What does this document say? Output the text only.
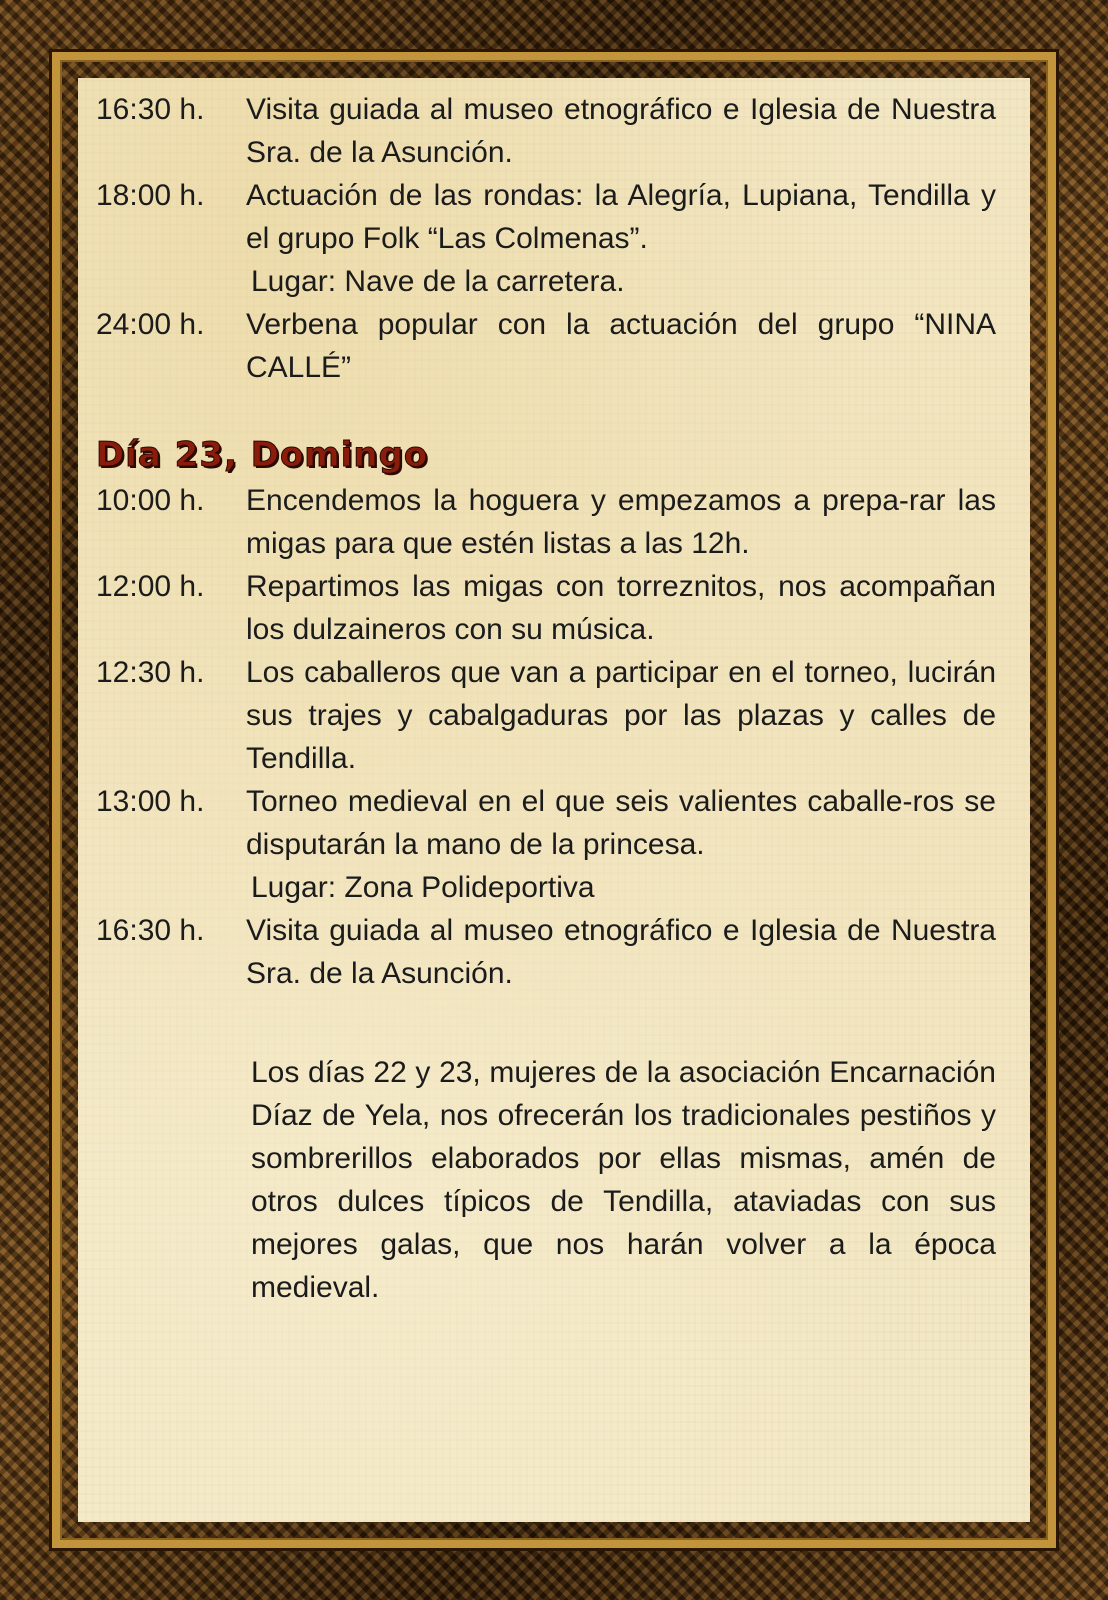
16:30 h.	Visita guiada al museo etnográfico e Iglesia de Nuestra Sra. de la Asunción.
18:00 h.	Actuación de las rondas: la Alegría, Lupiana, Tendilla y el grupo Folk “Las Colmenas”.
Lugar: Nave de la carretera.
24:00 h.	Verbena popular con la actuación del grupo “NINA CALLÉ”
Día 23, Domingo
10:00 h.	Encendemos la hoguera y empezamos a prepa-rar las migas para que estén listas a las 12h.
12:00 h.	Repartimos las migas con torreznitos, nos acompañan los dulzaineros con su música.
12:30 h.	Los caballeros que van a participar en el torneo, lucirán sus trajes y cabalgaduras por las plazas y calles de Tendilla.
13:00 h.	Torneo medieval en el que seis valientes caballe-ros se disputarán la mano de la princesa.
Lugar: Zona Polideportiva
16:30 h.	Visita guiada al museo etnográfico e Iglesia de Nuestra Sra. de la Asunción.
Los días 22 y 23, mujeres de la asociación Encarnación Díaz de Yela, nos ofrecerán los tradicionales pestiños y sombrerillos elaborados por ellas mismas, amén de otros dulces típicos de Tendilla, ataviadas con sus mejores galas, que nos harán volver a la época medieval.
